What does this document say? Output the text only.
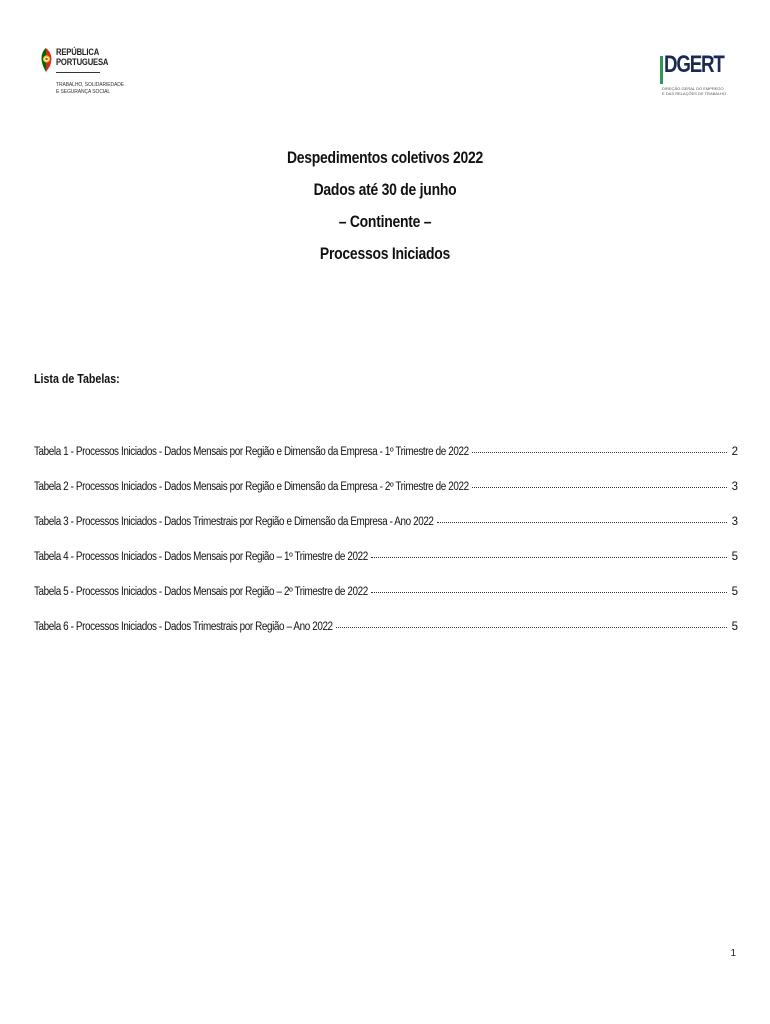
REPÚBLICA
PORTUGUESA
TRABALHO, SOLIDARIEDADE
E SEGURANÇA SOCIAL
DGERT
DIREÇÃO-GERAL DO EMPREGO
E DAS RELAÇÕES DE TRABALHO
Despedimentos coletivos 2022
Dados até 30 de junho
– Continente –
Processos Iniciados
Lista de Tabelas:
Tabela 1 - Processos Iniciados - Dados Mensais por Região e Dimensão da Empresa - 1º Trimestre de 2022	2
Tabela 2 - Processos Iniciados - Dados Mensais por Região e Dimensão da Empresa - 2º Trimestre de 2022	3
Tabela 3 - Processos Iniciados - Dados Trimestrais por Região e Dimensão da Empresa - Ano 2022	3
Tabela 4 - Processos Iniciados - Dados Mensais por Região – 1º Trimestre de 2022	5
Tabela 5 - Processos Iniciados - Dados Mensais por Região – 2º Trimestre de 2022	5
Tabela 6 - Processos Iniciados - Dados Trimestrais por Região – Ano 2022	5
1
